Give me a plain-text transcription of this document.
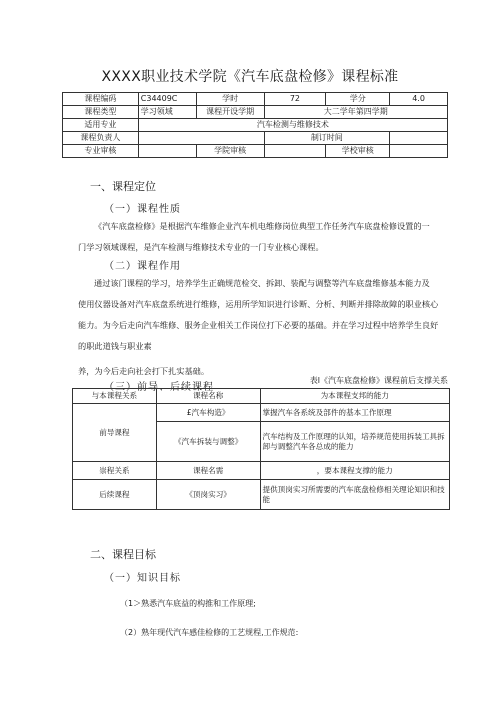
XXXX职业技术学院《汽车底盘检修》课程标准
课程编码	C34409C	学时	72	学分	4.0
课程类型	学习领域	课程开设学期	大二学年第四学期		
适用专业	汽车检测与维修技术				
课程负责人			制订时间		
专业审核		学院审核		学校审核	
一、课程定位
（一）课程性质
《汽车底盘检修》是根据汽车维修企业汽车机电维修岗位典型工作任务汽车底盘检修设置的一
门学习领域课程，是汽车检测与维修技术专业的一门专业核心课程。
（二）课程作用
通过该门课程的学习，培养学生正确规范检交、拆卸、装配与调整等汽车底盘维修基本能力及
使用仪器设备对汽车底盘系统进行维修，运用所学知识进行诊断、分析、判断并排除故障的职业核心
能力。为今后走向汽车维修、服务企业相关工作岗位打下必要的基础。并在学习过程中培养学生良好
的职此道钱与职业素
养，为今后走向社会打下扎实基础。
（三）前导、后续课程
表l《汽车底盘检修》课程前后支撑关系
与本课程关系	课程名称	为本课程支邦的能力
前导课程	£汽车构造》	掌握汽车各系统及部件的基本工作原理
	《汽车拆装与调整》	汽车结构及工作原理的认知，培养规范使用拆装工具拆卸与调整汽车各总成的能力
崇程关系	课程名需	，要本课程支撑的能力
后续课程	《顶岗实习》	提供顶岗实习所需要的汽车底盘检修相关理论知识和技能
二、课程目标
（一）知识目标
（1＞熟悉汽车底益的构推和工作原理;
（2）熟年现代汽车感佳检修的工艺规程,工作规范:
